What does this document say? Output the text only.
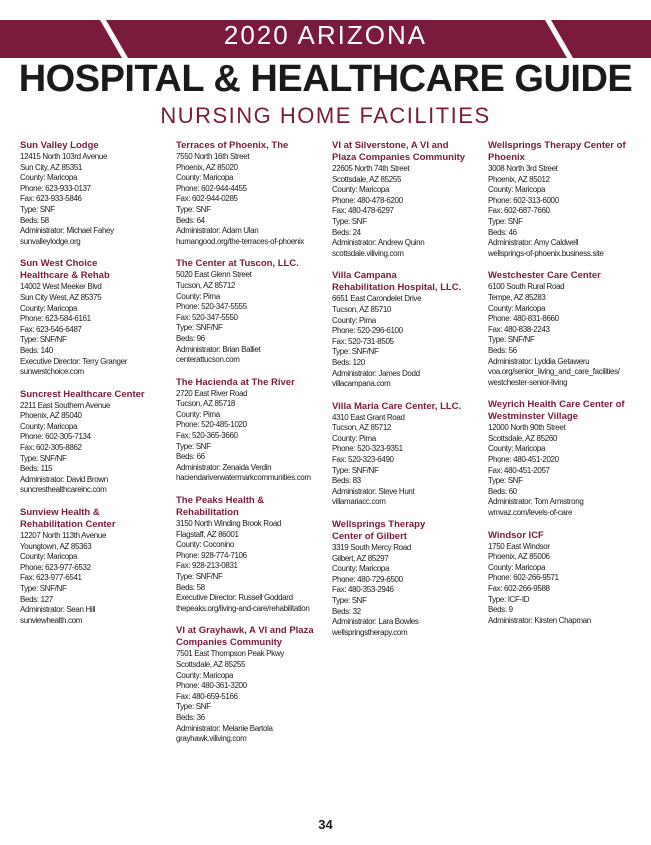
2020 ARIZONA
HOSPITAL & HEALTHCARE GUIDE
NURSING HOME FACILITIES
Sun Valley Lodge
12415 North 103rd Avenue
Sun City, AZ 85351
County: Maricopa
Phone: 623-933-0137
Fax: 623-933-5846
Type: SNF
Beds: 58
Administrator: Michael Fahey
sunvalleylodge.org
Sun West Choice
Healthcare & Rehab
14002 West Meeker Blvd
Sun City West, AZ 85375
County: Maricopa
Phone: 623-584-6161
Fax: 623-546-6487
Type: SNF/NF
Beds: 140
Executive Director: Terry Granger
sunwestchoice.com
Suncrest Healthcare Center
2211 East Southern Avenue
Phoenix, AZ 85040
County: Maricopa
Phone: 602-305-7134
Fax: 602-305-8862
Type: SNF/NF
Beds: 115
Administrator: David Brown
suncresthealthcareinc.com
Sunview Health &
Rehabilitation Center
12207 North 113th Avenue
Youngtown, AZ 85363
County: Maricopa
Phone: 623-977-6532
Fax: 623-977-6541
Type: SNF/NF
Beds: 127
Administrator: Sean Hill
sunviewhealth.com
Terraces of Phoenix, The
7550 North 16th Street
Phoenix, AZ 85020
County: Maricopa
Phone: 602-944-4455
Fax: 602-944-0285
Type: SNF
Beds: 64
Administrator: Adam Ulan
humangood.org/the-terraces-of-phoenix
The Center at Tuscon, LLC.
5020 East Glenn Street
Tucson, AZ 85712
County: Pima
Phone: 520-347-5555
Fax: 520-347-5550
Type: SNF/NF
Beds: 96
Administrator: Brian Balliet
centerattucson.com
The Hacienda at The River
2720 East River Road
Tucson, AZ 85718
County: Pima
Phone: 520-485-1020
Fax: 520-365-3660
Type: SNF
Beds: 66
Administrator: Zenaida Verdin
haciendariverwatermarkcommunities.com
The Peaks Health & Rehabilitation
3150 North Winding Brook Road
Flagstaff, AZ 86001
County: Coconino
Phone: 928-774-7106
Fax: 928-213-0831
Type: SNF/NF
Beds: 58
Executive Director: Russell Goddard
thepeaks.org/living-and-care/rehabilitation
VI at Grayhawk, A VI and Plaza
Companies Community
7501 East Thompson Peak Pkwy
Scottsdale, AZ 85255
County: Maricopa
Phone: 480-361-3200
Fax: 480-659-5166
Type: SNF
Beds: 36
Administrator: Melanie Bartola
grayhawk.viliving.com
VI at Silverstone, A VI and
Plaza Companies Community
22605 North 74th Street
Scottsdale, AZ 85255
County: Maricopa
Phone: 480-478-6200
Fax: 480-478-6297
Type: SNF
Beds: 24
Administrator: Andrew Quinn
scottsdale.viliving.com
Villa Campana
Rehabilitation Hospital, LLC.
6651 East Carondelet Drive
Tucson, AZ 85710
County: Pima
Phone: 520-296-6100
Fax: 520-731-8505
Type: SNF/NF
Beds: 120
Administrator: James Dodd
villacampana.com
Villa Maria Care Center, LLC.
4310 East Grant Road
Tucson, AZ 85712
County: Pima
Phone: 520-323-9351
Fax: 520-323-6490
Type: SNF/NF
Beds: 83
Administrator: Steve Hunt
villamariacc.com
Wellsprings Therapy
Center of Gilbert
3319 South Mercy Road
Gilbert, AZ 85297
County: Maricopa
Phone: 480-729-6500
Fax: 480-353-2946
Type: SNF
Beds: 32
Administrator: Lara Bowles
wellspringstherapy.com
Wellsprings Therapy Center of
Phoenix
3008 North 3rd Street
Phoenix, AZ 85012
County: Maricopa
Phone: 602-313-6000
Fax: 602-687-7660
Type: SNF
Beds: 46
Administrator: Amy Caldwell
wellsprings-of-phoenix.business.site
Westchester Care Center
6100 South Rural Road
Tempe, AZ 85283
County: Maricopa
Phone: 480-831-8660
Fax: 480-838-2243
Type: SNF/NF
Beds: 56
Administrator: Lyddia Getaweru
voa.org/senior_living_and_care_facilities/
westchester-senior-living
Weyrich Health Care Center of
Westminster Village
12000 North 90th Street
Scottsdale, AZ 85260
County: Maricopa
Phone: 480-451-2020
Fax: 480-451-2057
Type: SNF
Beds: 60
Administrator: Tom Armstrong
wmvaz.com/levels-of-care
Windsor ICF
1750 East Windsor
Phoenix, AZ 85006
County: Maricopa
Phone: 602-266-9571
Fax: 602-266-9588
Type: ICF-ID
Beds: 9
Administrator: Kirsten Chapman
34
